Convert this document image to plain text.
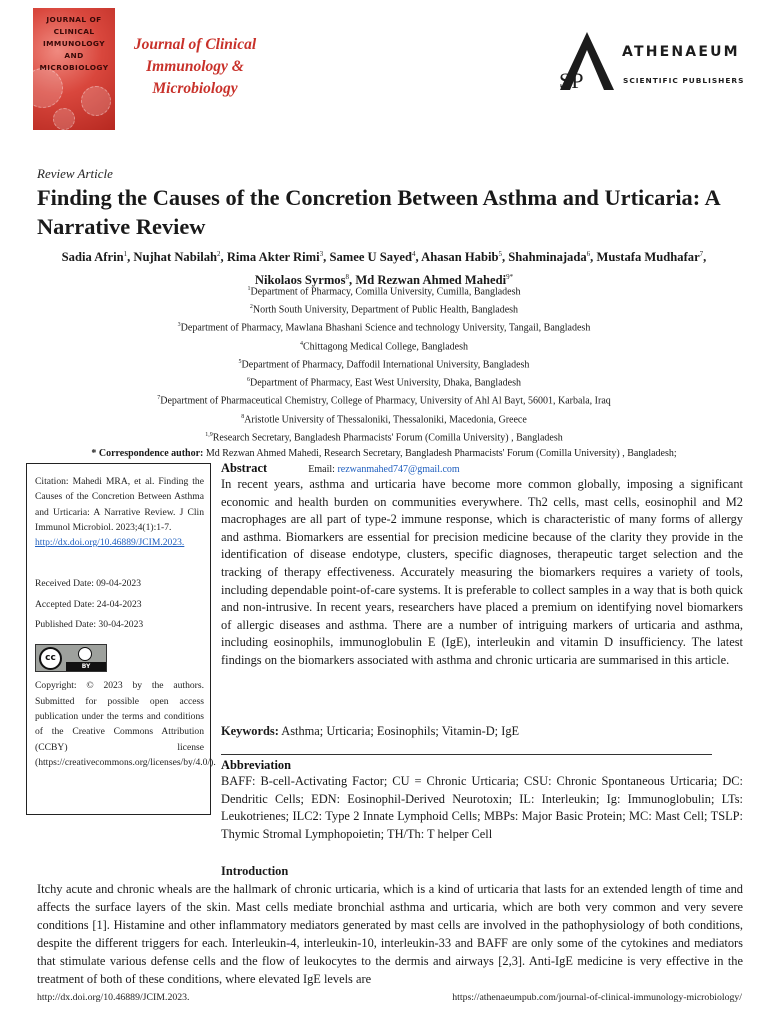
JOURNAL OF
CLINICAL
IMMUNOLOGY
AND
MICROBIOLOGY
Journal of Clinical
Immunology &
Microbiology	SP
ATHENAEUM
SCIENTIFIC PUBLISHERS
Review Article
Finding the Causes of the Concretion Between Asthma and Urticaria: A Narrative Review
Sadia Afrin$^1$, Nujhat Nabilah$^2$, Rima Akter Rimi$^3$, Samee U Sayed$^4$, Ahasan Habib$^5$, Shahminajada$^6$, Mustafa Mudhafar$^7$,
Nikolaos Syrmos$^8$, Md Rezwan Ahmed Mahedi$^{9*}$
$^1$Department of Pharmacy, Comilla University, Cumilla, Bangladesh
$^2$North South University, Department of Public Health, Bangladesh
$^3$Department of Pharmacy, Mawlana Bhashani Science and technology University, Tangail, Bangladesh
$^4$Chittagong Medical College, Bangladesh
$^5$Department of Pharmacy, Daffodil International University, Bangladesh
$^6$Department of Pharmacy, East West University, Dhaka, Bangladesh
$^7$Department of Pharmaceutical Chemistry, College of Pharmacy, University of Ahl Al Bayt, 56001, Karbala, Iraq
$^8$Aristotle University of Thessaloniki, Thessaloniki, Macedonia, Greece
$^{1,9}$Research Secretary, Bangladesh Pharmacists' Forum (Comilla University) , Bangladesh
* Correspondence author: Md Rezwan Ahmed Mahedi, Research Secretary, Bangladesh Pharmacists' Forum (Comilla University) , Bangladesh;
Email: rezwanmahed747@gmail.com
Citation: Mahedi MRA, et al. Finding the Causes of the Concretion Between Asthma and Urticaria: A Narrative Review. J Clin Immunol Microbiol. 2023;4(1):1-7.
http://dx.doi.org/10.46889/JCIM.2023.
Received Date: 09-04-2023
Accepted Date: 24-04-2023
Published Date: 30-04-2023
cc
BY
Copyright: © 2023 by the authors. Submitted for possible open access publication under the terms and conditions of the Creative Commons Attribution (CCBY) license (https://creativecommons.org/licenses/by/4.0/).
Abstract

In recent years, asthma and urticaria have become more common globally, imposing a significant economic and health burden on communities everywhere. Th2 cells, mast cells, eosinophil and M2 macrophages are all part of type-2 immune response, which is characteristic of many forms of allergy and asthma. Biomarkers are essential for precision medicine because of the clarity they provide in the identification of disease endotype, clusters, specific diagnoses, therapeutic target selection and the tracking of therapy effectiveness. Accurately measuring the biomarkers requires a variety of tools, including dependable point-of-care systems. It is preferable to collect samples in a way that is both quick and non-intrusive. In recent years, researchers have placed a premium on identifying novel biomarkers of allergic diseases and asthma. There are a number of intriguing markers of urticaria and asthma, including eosinophils, immunoglobulin E (IgE), interleukin and vitamin D insufficiency. The latest findings on the biomarkers associated with asthma and chronic urticaria are summarised in this article.

Keywords: Asthma; Urticaria; Eosinophils; Vitamin-D; IgE
Abbreviation

BAFF: B-cell-Activating Factor; CU = Chronic Urticaria; CSU: Chronic Spontaneous Urticaria; DC: Dendritic Cells; EDN: Eosinophil-Derived Neurotoxin; IL: Interleukin; Ig: Immunoglobulin; LTs: Leukotrienes; ILC2: Type 2 Innate Lymphoid Cells; MBPs: Major Basic Protein; MC: Mast Cell; TSLP: Thymic Stromal Lymphopoietin; TH/Th: T helper Cell

Introduction

Itchy acute and chronic wheals are the hallmark of chronic urticaria, which is a kind of urticaria that lasts for an extended length of time and affects the surface layers of the skin. Mast cells mediate bronchial asthma and urticaria, which are both very common and very severe conditions [1]. Histamine and other inflammatory mediators generated by mast cells are involved in the pathophysiology of both conditions, despite the different triggers for each. Interleukin-4, interleukin-10, interleukin-33 and BAFF are only some of the cytokines and mediators that stimulate various defense cells and the flow of leukocytes to the dermis and airways [2,3]. Anti-IgE medicine is very effective in the treatment of both of these conditions, where elevated IgE levels are

http://dx.doi.org/10.46889/JCIM.2023.	https://athenaeumpub.com/journal-of-clinical-immunology-microbiology/
